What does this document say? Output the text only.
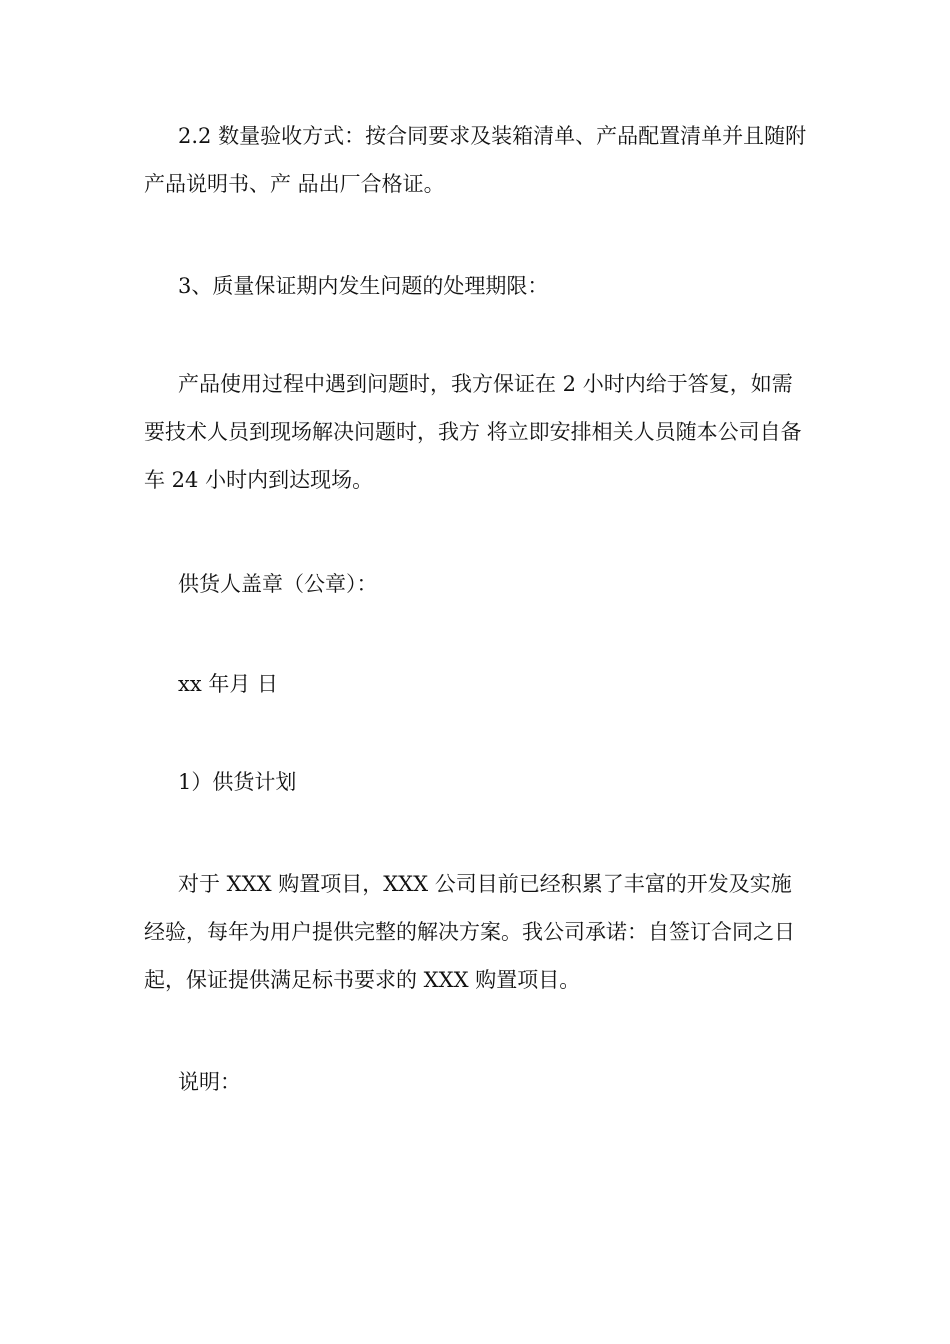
2.2 数量验收方式：按合同要求及装箱清单、产品配置清单并且随附产品说明书、产 品出厂合格证。

3、质量保证期内发生问题的处理期限：

产品使用过程中遇到问题时，我方保证在 2 小时内给于答复，如需要技术人员到现场解决问题时，我方 将立即安排相关人员随本公司自备车 24 小时内到达现场。

供货人盖章（公章）：

xx 年月 日

1）供货计划

对于 XXX 购置项目，XXX 公司目前已经积累了丰富的开发及实施经验，每年为用户提供完整的解决方案。我公司承诺：自签订合同之日起，保证提供满足标书要求的 XXX 购置项目。

说明：
